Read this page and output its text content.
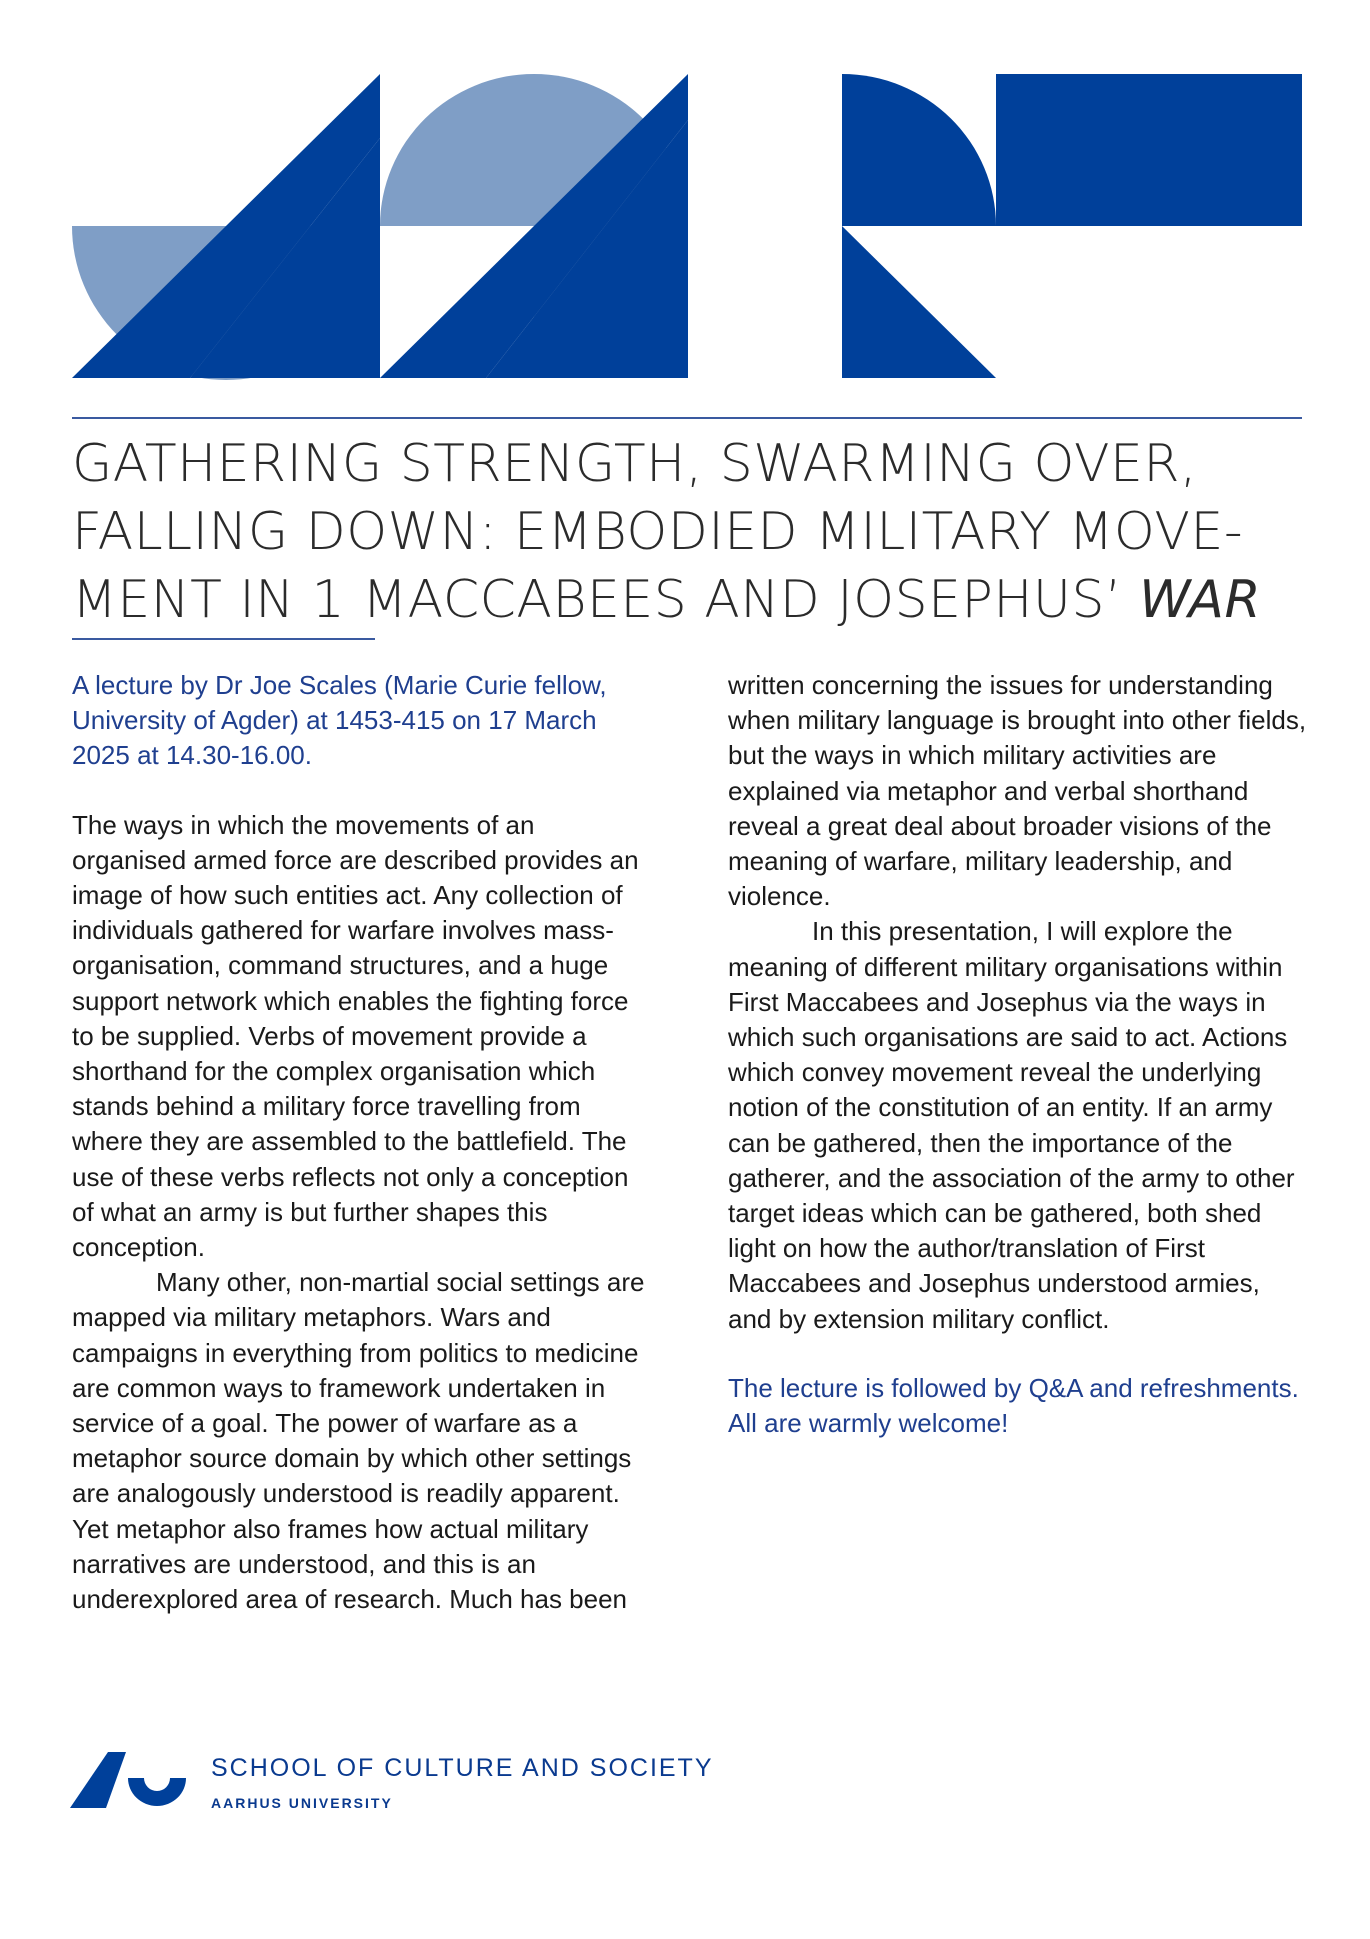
GATHERING STRENGTH, SWARMING OVER,
FALLING DOWN: EMBODIED MILITARY MOVE-
MENT IN 1 MACCABEES AND JOSEPHUS’ WAR

A lecture by Dr Joe Scales (Marie Curie fellow, University of Agder) at 1453-415 on 17 March 2025 at 14.30-16.00.

The ways in which the movements of an organised armed force are described provides an image of how such entities act. Any collection of individuals gathered for warfare involves mass-organisation, command structures, and a huge support network which enables the fighting force to be supplied. Verbs of movement provide a shorthand for the complex organisation which stands behind a military force travelling from where they are assembled to the battlefield. The use of these verbs reflects not only a conception of what an army is but further shapes this conception.

Many other, non-martial social settings are mapped via military metaphors. Wars and campaigns in everything from politics to medicine are common ways to framework undertaken in service of a goal. The power of warfare as a metaphor source domain by which other settings are analogously understood is readily apparent. Yet metaphor also frames how actual military narratives are understood, and this is an underexplored area of research. Much has been

written concerning the issues for understanding when military language is brought into other fields, but the ways in which military activities are explained via metaphor and verbal shorthand reveal a great deal about broader visions of the meaning of warfare, military leadership, and violence.

In this presentation, I will explore the meaning of different military organisations within First Maccabees and Josephus via the ways in which such organisations are said to act. Actions which convey movement reveal the underlying notion of the constitution of an entity. If an army can be gathered, then the importance of the gatherer, and the association of the army to other target ideas which can be gathered, both shed light on how the author/translation of First Maccabees and Josephus understood armies, and by extension military conflict.

The lecture is followed by Q&A and refreshments. All are warmly welcome!

SCHOOL OF CULTURE AND SOCIETY

AARHUS UNIVERSITY
